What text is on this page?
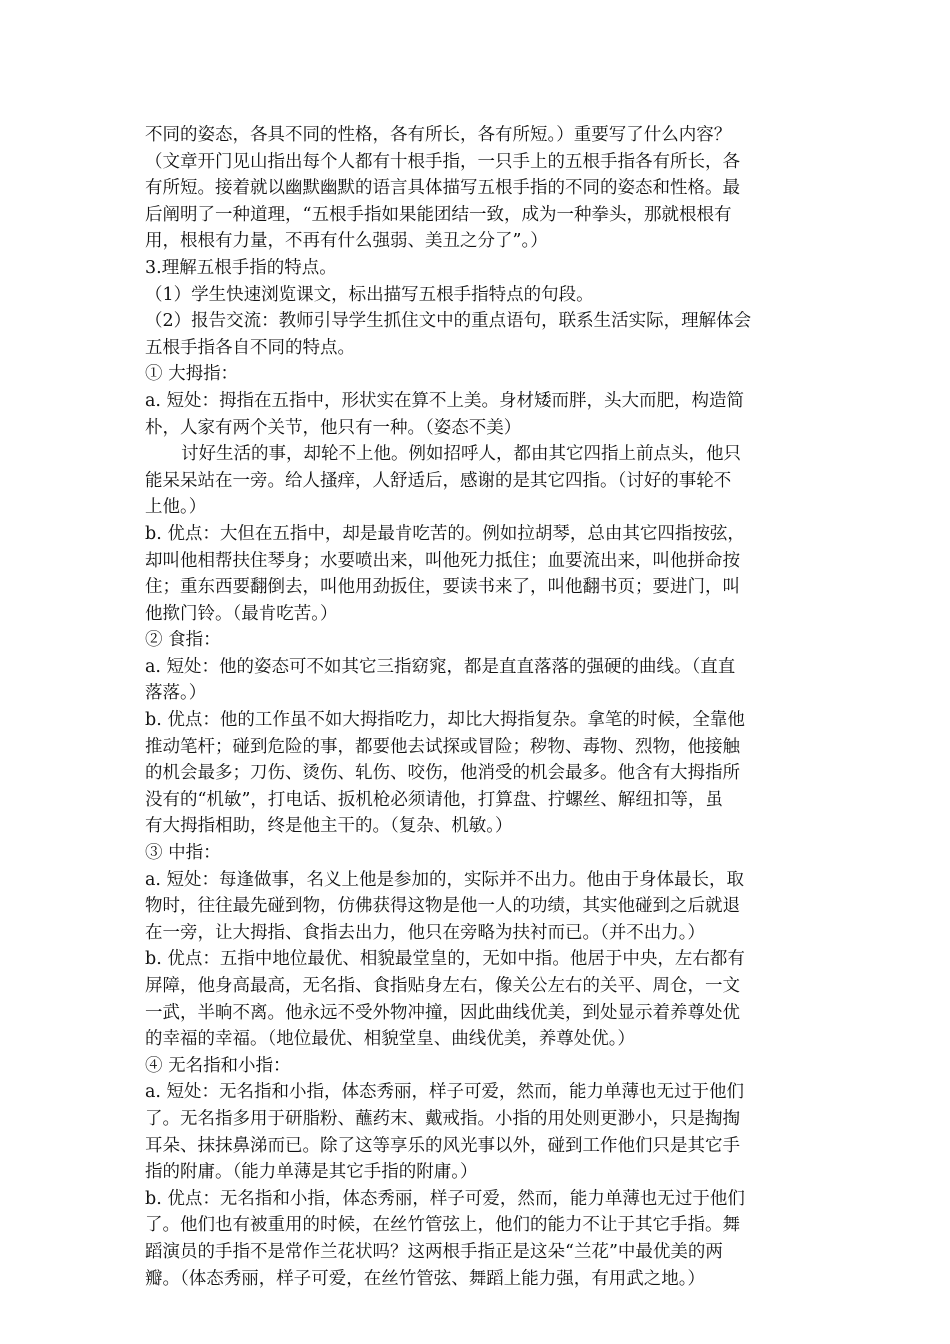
不同的姿态，各具不同的性格，各有所长，各有所短。）重要写了什么内容？
（文章开门见山指出每个人都有十根手指，一只手上的五根手指各有所长，各
有所短。接着就以幽默幽默的语言具体描写五根手指的不同的姿态和性格。最
后阐明了一种道理，“五根手指如果能团结一致，成为一种拳头，那就根根有
用，根根有力量，不再有什么强弱、美丑之分了”。）
3.理解五根手指的特点。
（1）学生快速浏览课文，标出描写五根手指特点的句段。
（2）报告交流：教师引导学生抓住文中的重点语句，联系生活实际，理解体会
五根手指各自不同的特点。
① 大拇指：
a. 短处：拇指在五指中，形状实在算不上美。身材矮而胖，头大而肥，构造简
朴，人家有两个关节，他只有一种。（姿态不美）
讨好生活的事，却轮不上他。例如招呼人，都由其它四指上前点头，他只
能呆呆站在一旁。给人搔痒，人舒适后，感谢的是其它四指。（讨好的事轮不
上他。）
b. 优点：大但在五指中，却是最肯吃苦的。例如拉胡琴，总由其它四指按弦，
却叫他相帮扶住琴身；水要喷出来，叫他死力抵住；血要流出来，叫他拼命按
住；重东西要翻倒去，叫他用劲扳住，要读书来了，叫他翻书页；要进门，叫
他揿门铃。（最肯吃苦。）
② 食指：
a. 短处：他的姿态可不如其它三指窈窕，都是直直落落的强硬的曲线。（直直
落落。）
b. 优点：他的工作虽不如大拇指吃力，却比大拇指复杂。拿笔的时候，全靠他
推动笔杆；碰到危险的事，都要他去试探或冒险；秽物、毒物、烈物，他接触
的机会最多；刀伤、烫伤、轧伤、咬伤，他消受的机会最多。他含有大拇指所
没有的“机敏”，打电话、扳机枪必须请他，打算盘、拧螺丝、解纽扣等，虽
有大拇指相助，终是他主干的。（复杂、机敏。）
③ 中指：
a. 短处：每逢做事，名义上他是参加的，实际并不出力。他由于身体最长，取
物时，往往最先碰到物，仿佛获得这物是他一人的功绩，其实他碰到之后就退
在一旁，让大拇指、食指去出力，他只在旁略为扶衬而已。（并不出力。）
b. 优点：五指中地位最优、相貌最堂皇的，无如中指。他居于中央，左右都有
屏障，他身高最高，无名指、食指贴身左右，像关公左右的关平、周仓，一文
一武，半晌不离。他永远不受外物冲撞，因此曲线优美，到处显示着养尊处优
的幸福的幸福。（地位最优、相貌堂皇、曲线优美，养尊处优。）
④ 无名指和小指：
a. 短处：无名指和小指，体态秀丽，样子可爱，然而，能力单薄也无过于他们
了。无名指多用于研脂粉、蘸药末、戴戒指。小指的用处则更渺小，只是掏掏
耳朵、抹抹鼻涕而已。除了这等享乐的风光事以外，碰到工作他们只是其它手
指的附庸。（能力单薄是其它手指的附庸。）
b. 优点：无名指和小指，体态秀丽，样子可爱，然而，能力单薄也无过于他们
了。他们也有被重用的时候，在丝竹管弦上，他们的能力不让于其它手指。舞
蹈演员的手指不是常作兰花状吗？这两根手指正是这朵“兰花”中最优美的两
瓣。（体态秀丽，样子可爱，在丝竹管弦、舞蹈上能力强，有用武之地。）
